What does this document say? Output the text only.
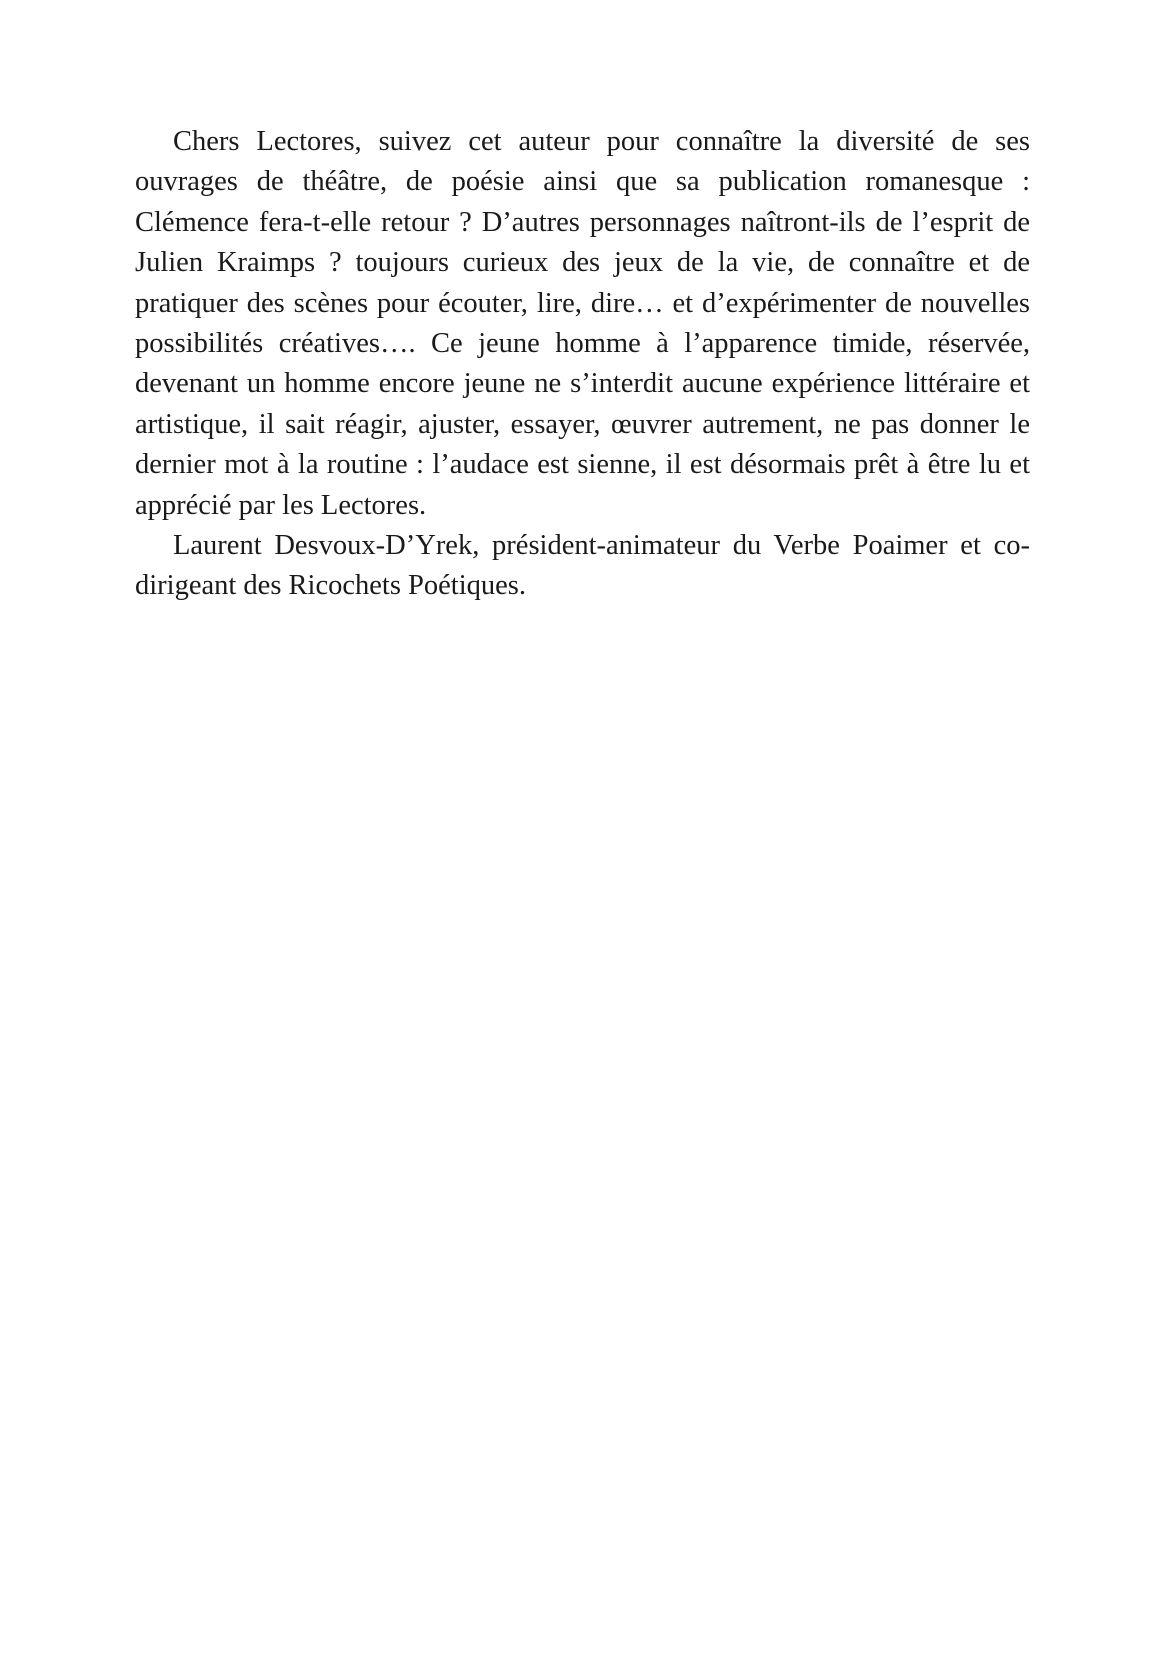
Chers Lectores, suivez cet auteur pour connaître la diversité de ses ouvrages de théâtre, de poésie ainsi que sa publication romanesque : Clémence fera-t-elle retour ? D’autres personnages naîtront-ils de l’esprit de Julien Kraimps ? toujours curieux des jeux de la vie, de connaître et de pratiquer des scènes pour écouter, lire, dire… et d’expérimenter de nouvelles possibilités créatives…. Ce jeune homme à l’apparence timide, réservée, devenant un homme encore jeune ne s’interdit aucune expérience littéraire et artistique, il sait réagir, ajuster, essayer, œuvrer autrement, ne pas donner le dernier mot à la routine : l’audace est sienne, il est désormais prêt à être lu et apprécié par les Lectores.

Laurent Desvoux-D’Yrek, président-animateur du Verbe Poaimer et co-dirigeant des Ricochets Poétiques.
